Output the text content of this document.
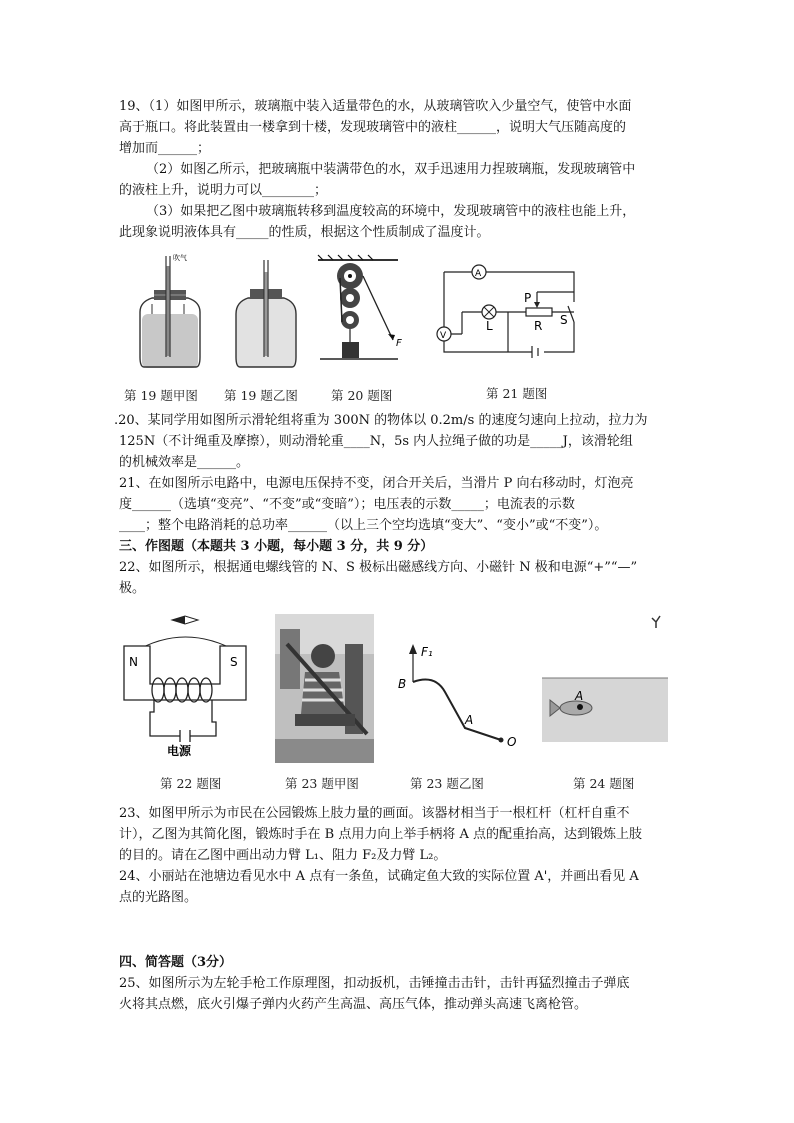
19、（1）如图甲所示，玻璃瓶中装入适量带色的水，从玻璃管吹入少量空气，使管中水面
高于瓶口。将此装置由一楼拿到十楼，发现玻璃管中的液柱______，说明大气压随高度的
增加而______；
（2）如图乙所示，把玻璃瓶中装满带色的水，双手迅速用力捏玻璃瓶，发现玻璃管中
的液柱上升，说明力可以________；
（3）如果把乙图中玻璃瓶转移到温度较高的环境中，发现玻璃管中的液柱也能上升，
此现象说明液体具有_____的性质，根据这个性质制成了温度计。
吹气
第 19 题甲图 第 19 题乙图
F
第 20 题图
A
V
L
P
R S
第 21 题图
.20、某同学用如图所示滑轮组将重为 300N 的物体以 0.2m/s 的速度匀速向上拉动，拉力为
125N（不计绳重及摩擦），则动滑轮重____N，5s 内人拉绳子做的功是_____J，该滑轮组
的机械效率是______。
21、在如图所示电路中，电源电压保持不变，闭合开关后，当滑片 P 向右移动时，灯泡亮
度______（选填“变亮”、“不变”或“变暗”）；电压表的示数_____；电流表的示数
____；整个电路消耗的总功率______（以上三个空均选填“变大”、“变小”或“不变”）。
三、作图题（本题共 3 小题，每小题 3 分，共 9 分）
22、如图所示，根据通电螺线管的 N、S 极标出磁感线方向、小磁针 N 极和电源“+”“—”
极。
N	S
电源
第 22 题图	第 23 题甲图
F₁
B
A
O
第 23 题乙图
A
第 24 题图
23、如图甲所示为市民在公园锻炼上肢力量的画面。该器材相当于一根杠杆（杠杆自重不
计），乙图为其简化图，锻炼时手在 B 点用力向上举手柄将 A 点的配重抬高，达到锻炼上肢
的目的。请在乙图中画出动力臂 L₁、阻力 F₂及力臂 L₂。
24、小丽站在池塘边看见水中 A 点有一条鱼，试确定鱼大致的实际位置 A'，并画出看见 A
点的光路图。
四、简答题（3分）
25、如图所示为左轮手枪工作原理图，扣动扳机，击锤撞击击针，击针再猛烈撞击子弹底
火将其点燃，底火引爆子弹内火药产生高温、高压气体，推动弹头高速飞离枪管。
